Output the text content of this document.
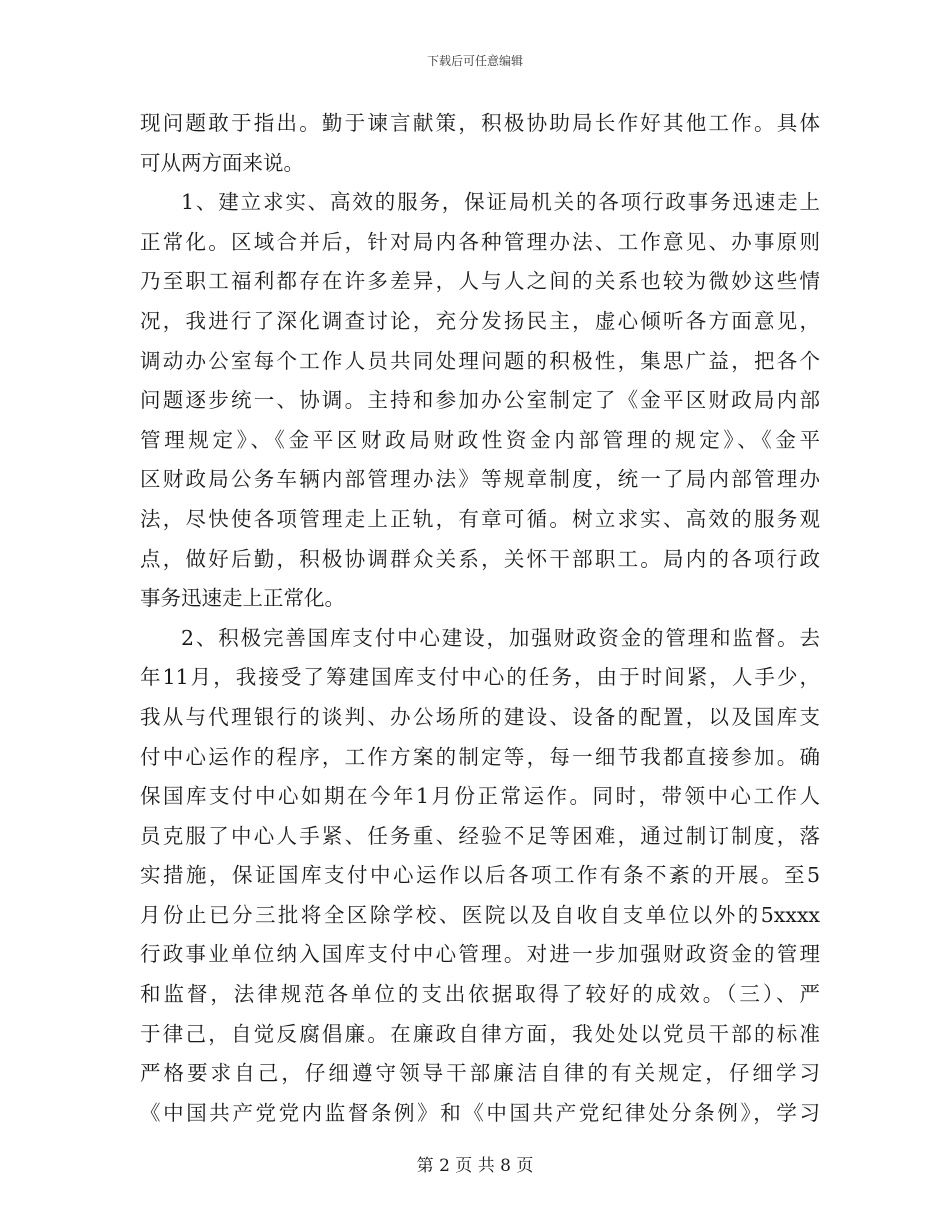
下载后可任意编辑
现问题敢于指出。勤于谏言献策，积极协助局长作好其他工作。具体
可从两方面来说。
1、建立求实、高效的服务，保证局机关的各项行政事务迅速走上
正常化。区域合并后，针对局内各种管理办法、工作意见、办事原则
乃至职工福利都存在许多差异，人与人之间的关系也较为微妙这些情
况，我进行了深化调查讨论，充分发扬民主，虚心倾听各方面意见，
调动办公室每个工作人员共同处理问题的积极性，集思广益，把各个
问题逐步统一、协调。主持和参加办公室制定了《金平区财政局内部
管理规定》、《金平区财政局财政性资金内部管理的规定》、《金平
区财政局公务车辆内部管理办法》等规章制度，统一了局内部管理办
法，尽快使各项管理走上正轨，有章可循。树立求实、高效的服务观
点，做好后勤，积极协调群众关系，关怀干部职工。局内的各项行政
事务迅速走上正常化。
2、积极完善国库支付中心建设，加强财政资金的管理和监督。去
年11月，我接受了筹建国库支付中心的任务，由于时间紧，人手少，
我从与代理银行的谈判、办公场所的建设、设备的配置，以及国库支
付中心运作的程序，工作方案的制定等，每一细节我都直接参加。确
保国库支付中心如期在今年1月份正常运作。同时，带领中心工作人
员克服了中心人手紧、任务重、经验不足等困难，通过制订制度，落
实措施，保证国库支付中心运作以后各项工作有条不紊的开展。至5
月份止已分三批将全区除学校、医院以及自收自支单位以外的5xxxx
行政事业单位纳入国库支付中心管理。对进一步加强财政资金的管理
和监督，法律规范各单位的支出依据取得了较好的成效。（三）、严
于律己，自觉反腐倡廉。在廉政自律方面，我处处以党员干部的标准
严格要求自己，仔细遵守领导干部廉洁自律的有关规定，仔细学习
《中国共产党党内监督条例》和《中国共产党纪律处分条例》，学习
第 2 页 共 8 页
